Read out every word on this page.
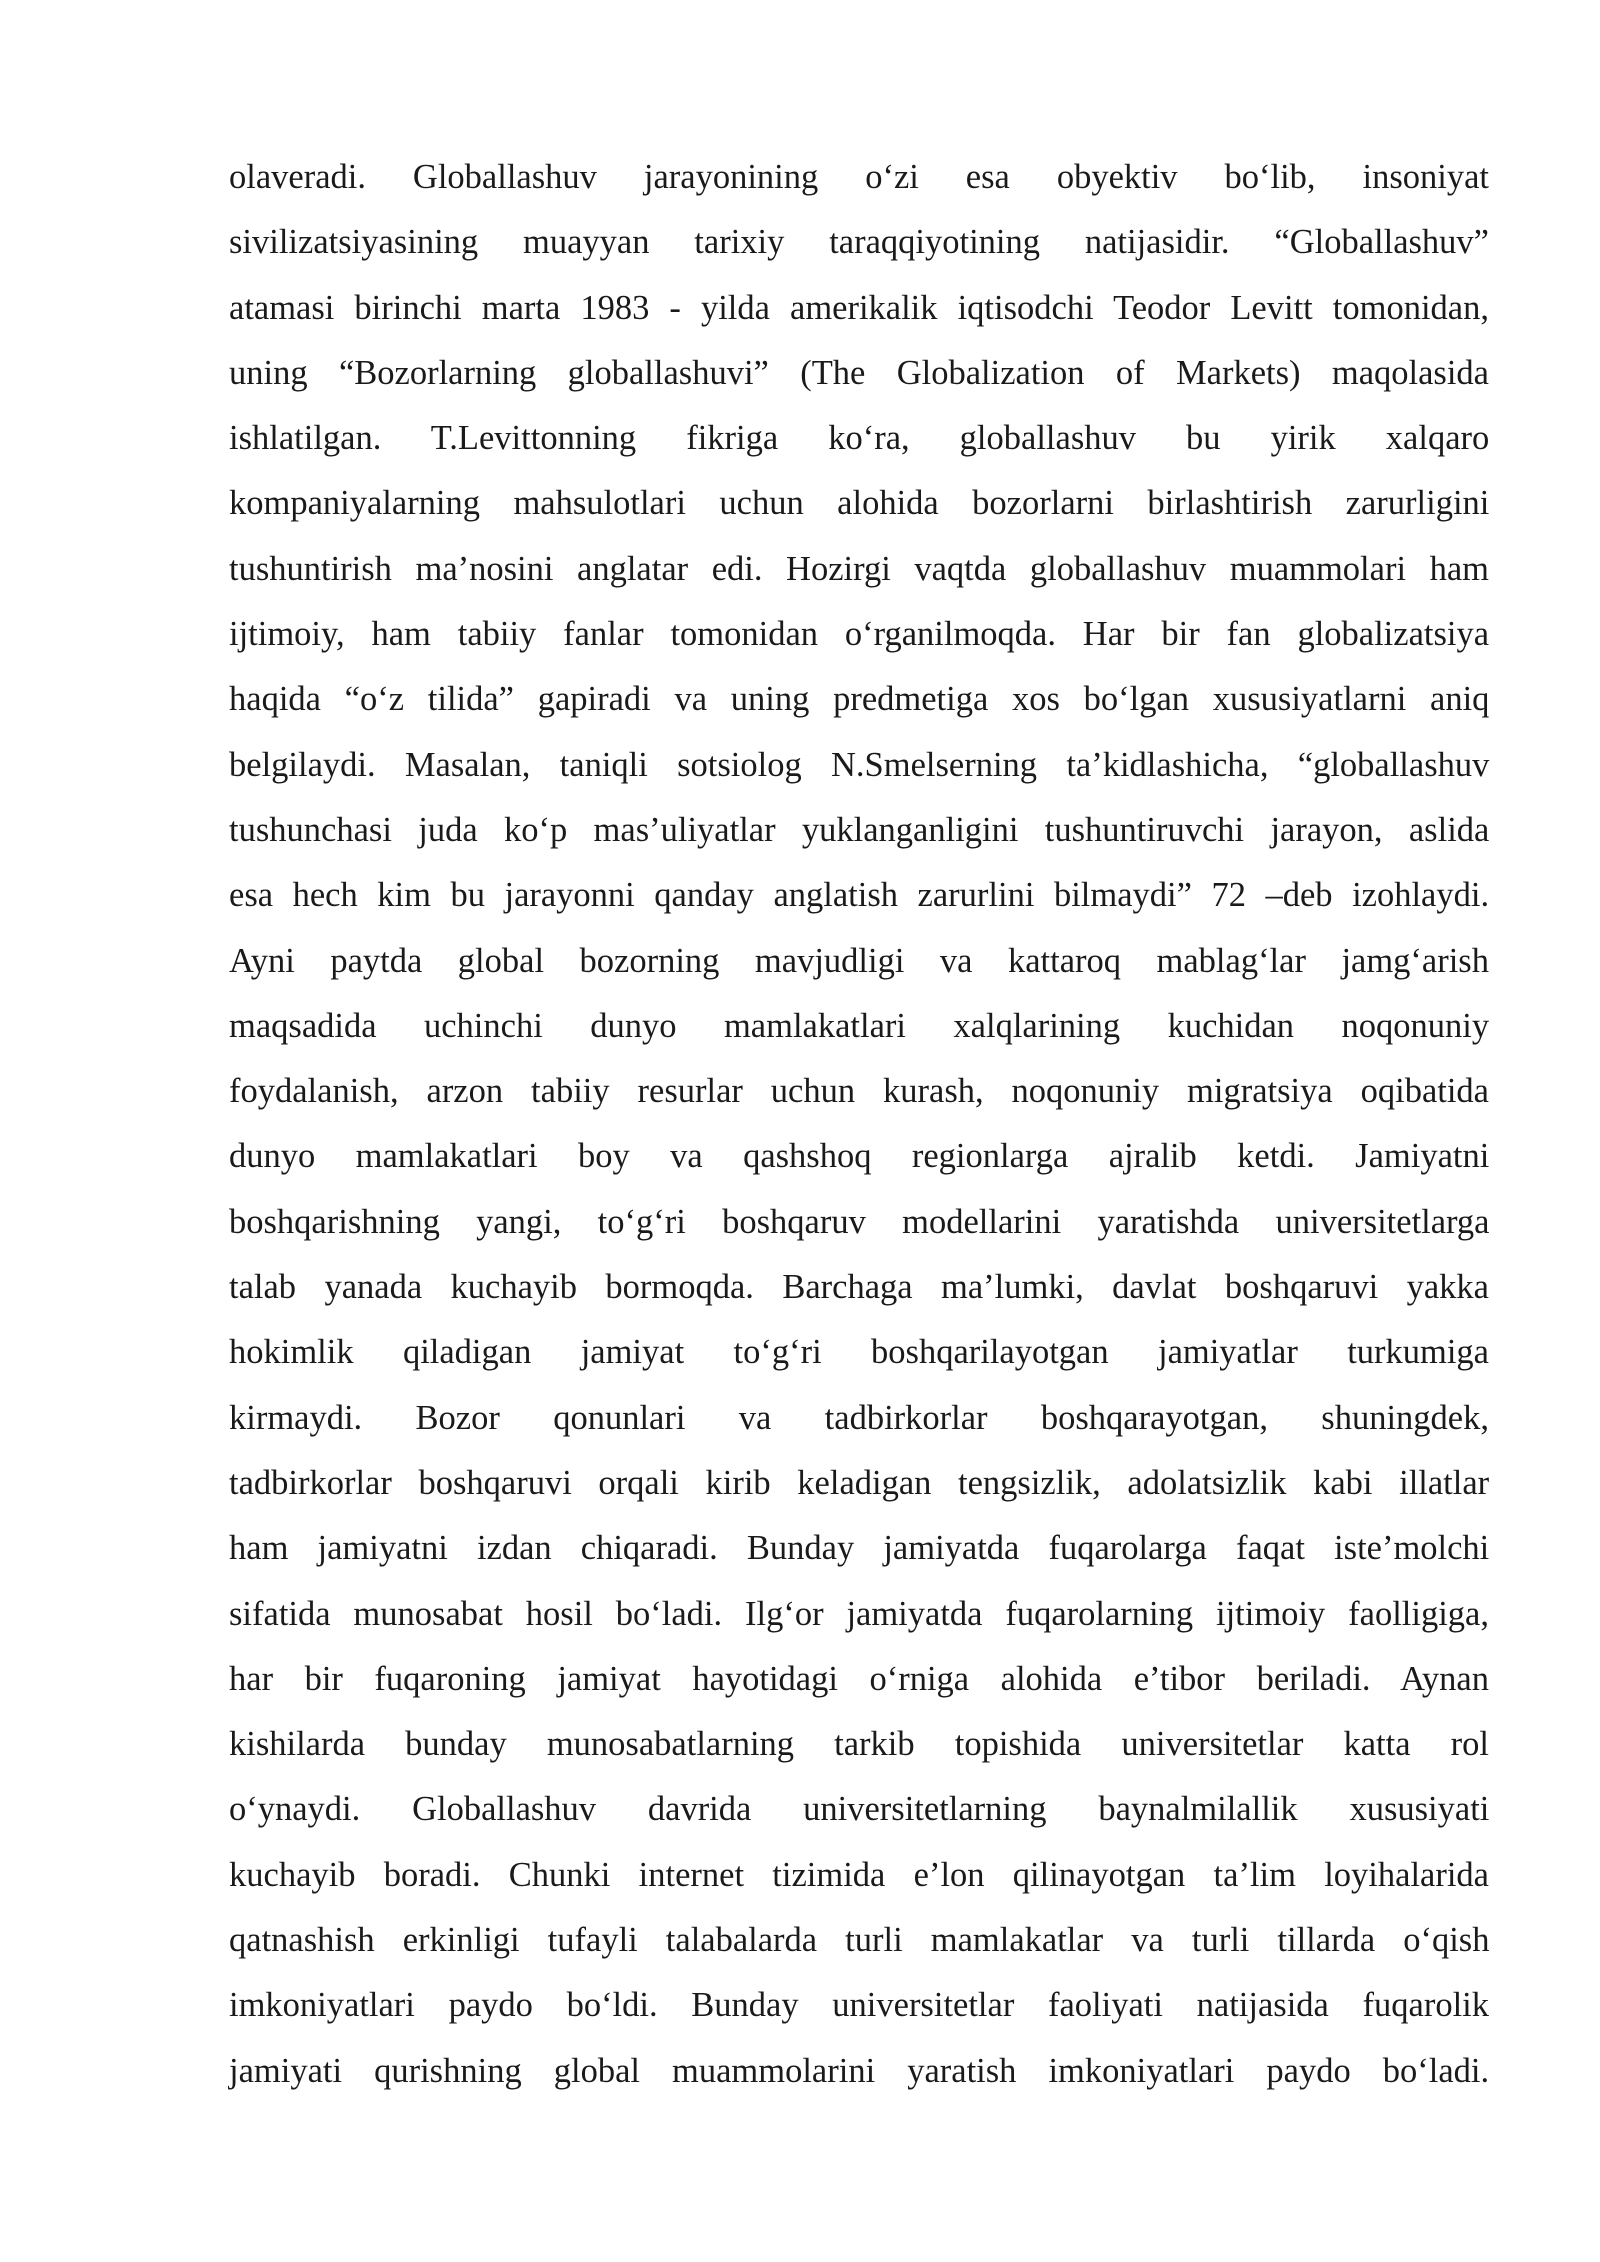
olaveradi. Globallashuv jarayonining o‘zi esa obyektiv bo‘lib, insoniyat
sivilizatsiyasining muayyan tarixiy taraqqiyotining natijasidir. “Globallashuv”
atamasi birinchi marta 1983 - yilda amerikalik iqtisodchi Teodor Levitt tomonidan,
uning “Bozorlarning globallashuvi” (The Globalization of Markets) maqolasida
ishlatilgan. T.Levittonning fikriga ko‘ra, globallashuv bu yirik xalqaro
kompaniyalarning mahsulotlari uchun alohida bozorlarni birlashtirish zarurligini
tushuntirish ma’nosini anglatar edi. Hozirgi vaqtda globallashuv muammolari ham
ijtimoiy, ham tabiiy fanlar tomonidan o‘rganilmoqda. Har bir fan globalizatsiya
haqida “o‘z tilida” gapiradi va uning predmetiga xos bo‘lgan xususiyatlarni aniq
belgilaydi. Masalan, taniqli sotsiolog N.Smelserning ta’kidlashicha, “globallashuv
tushunchasi juda ko‘p mas’uliyatlar yuklanganligini tushuntiruvchi jarayon, aslida
esa hech kim bu jarayonni qanday anglatish zarurlini bilmaydi” 72 –deb izohlaydi.
Ayni paytda global bozorning mavjudligi va kattaroq mablag‘lar jamg‘arish
maqsadida uchinchi dunyo mamlakatlari xalqlarining kuchidan noqonuniy
foydalanish, arzon tabiiy resurlar uchun kurash, noqonuniy migratsiya oqibatida
dunyo mamlakatlari boy va qashshoq regionlarga ajralib ketdi. Jamiyatni
boshqarishning yangi, to‘g‘ri boshqaruv modellarini yaratishda universitetlarga
talab yanada kuchayib bormoqda. Barchaga ma’lumki, davlat boshqaruvi yakka
hokimlik qiladigan jamiyat to‘g‘ri boshqarilayotgan jamiyatlar turkumiga
kirmaydi. Bozor qonunlari va tadbirkorlar boshqarayotgan, shuningdek,
tadbirkorlar boshqaruvi orqali kirib keladigan tengsizlik, adolatsizlik kabi illatlar
ham jamiyatni izdan chiqaradi. Bunday jamiyatda fuqarolarga faqat iste’molchi
sifatida munosabat hosil bo‘ladi. Ilg‘or jamiyatda fuqarolarning ijtimoiy faolligiga,
har bir fuqaroning jamiyat hayotidagi o‘rniga alohida e’tibor beriladi. Aynan
kishilarda bunday munosabatlarning tarkib topishida universitetlar katta rol
o‘ynaydi. Globallashuv davrida universitetlarning baynalmilallik xususiyati
kuchayib boradi. Chunki internet tizimida e’lon qilinayotgan ta’lim loyihalarida
qatnashish erkinligi tufayli talabalarda turli mamlakatlar va turli tillarda o‘qish
imkoniyatlari paydo bo‘ldi. Bunday universitetlar faoliyati natijasida fuqarolik
jamiyati qurishning global muammolarini yaratish imkoniyatlari paydo bo‘ladi.
